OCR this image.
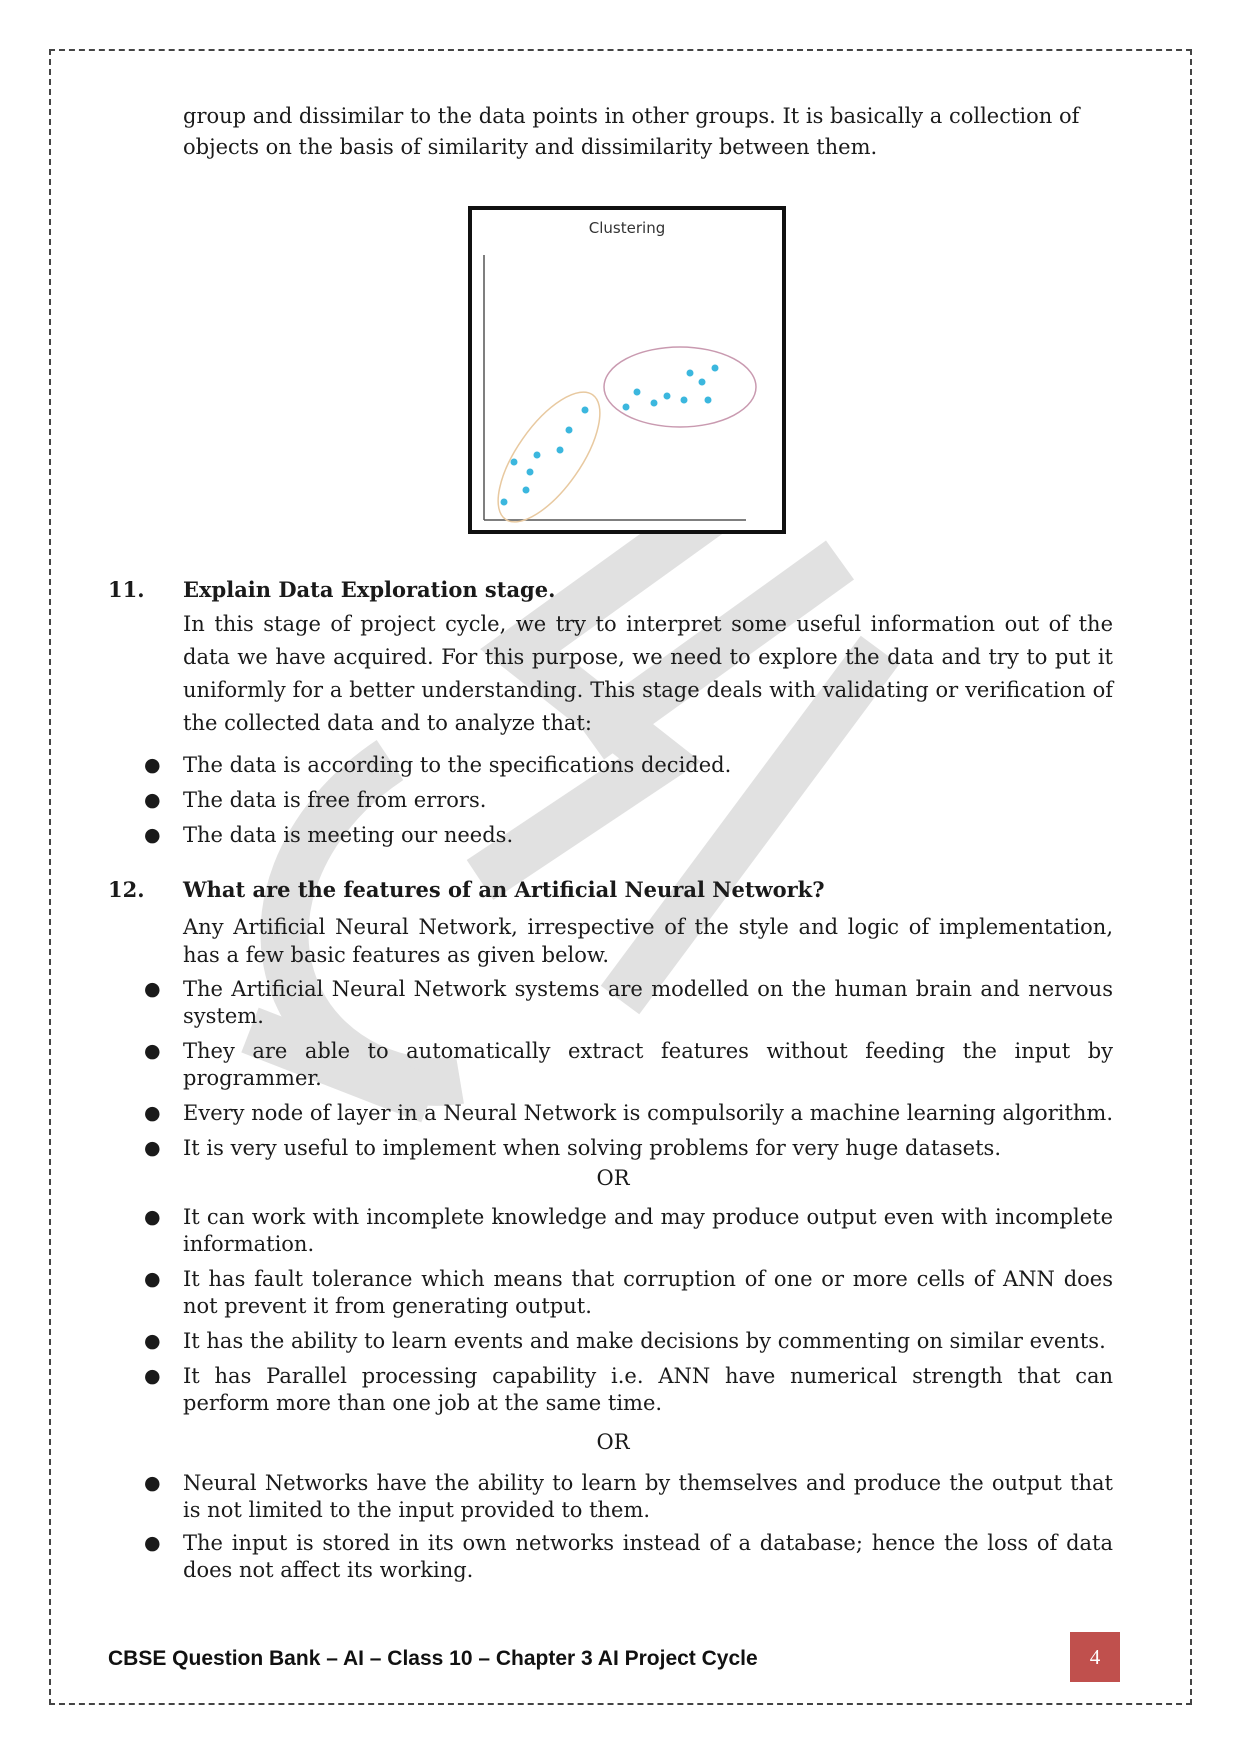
group and dissimilar to the data points in other groups. It is basically a collection of
objects on the basis of similarity and dissimilarity between them.
Clustering
11. Explain Data Exploration stage.
In this stage of project cycle, we try to interpret some useful information out of the data we have acquired. For this purpose, we need to explore the data and try to put it uniformly for a better understanding. This stage deals with validating or verification of the collected data and to analyze that:
● The data is according to the specifications decided.
● The data is free from errors.
● The data is meeting our needs.
12. What are the features of an Artificial Neural Network?
Any Artificial Neural Network, irrespective of the style and logic of implementation, has a few basic features as given below.
● The Artificial Neural Network systems are modelled on the human brain and nervous system.
● They are able to automatically extract features without feeding the input by programmer.
● Every node of layer in a Neural Network is compulsorily a machine learning algorithm.
● It is very useful to implement when solving problems for very huge datasets.
OR
● It can work with incomplete knowledge and may produce output even with incomplete information.
● It has fault tolerance which means that corruption of one or more cells of ANN does not prevent it from generating output.
● It has the ability to learn events and make decisions by commenting on similar events.
● It has Parallel processing capability i.e. ANN have numerical strength that can perform more than one job at the same time.
OR
● Neural Networks have the ability to learn by themselves and produce the output that is not limited to the input provided to them.
● The input is stored in its own networks instead of a database; hence the loss of data does not affect its working.
CBSE Question Bank – AI – Class 10 – Chapter 3 AI Project Cycle	4
